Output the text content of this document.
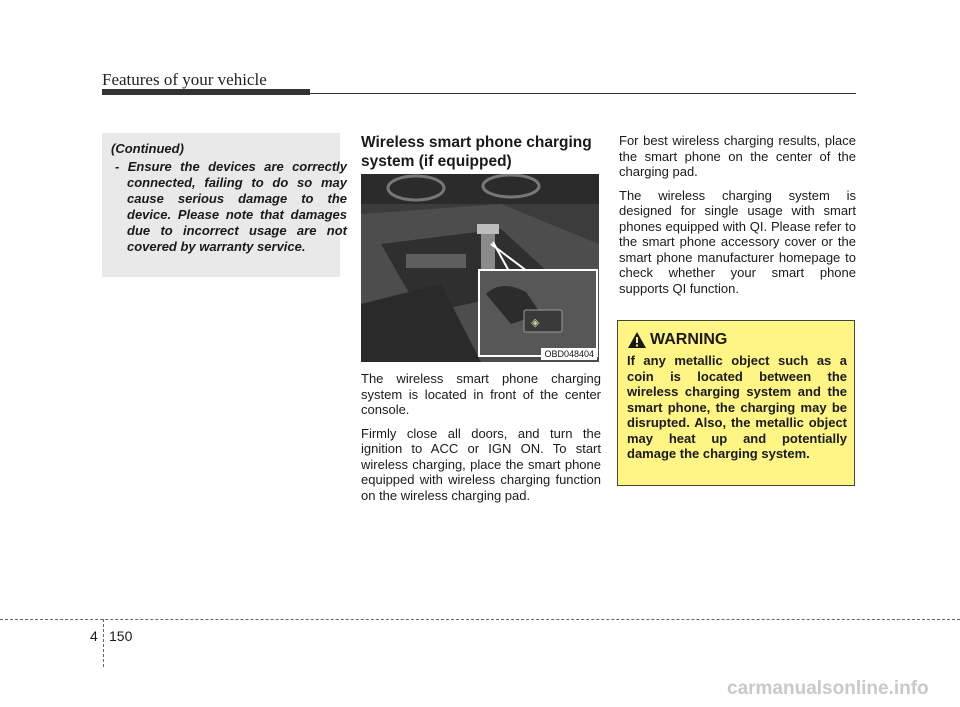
Features of your vehicle
(Continued)
- Ensure the devices are correctly connected, failing to do so may cause serious damage to the device. Please note that damages due to incorrect usage are not covered by warranty service.
Wireless smart phone charging system (if equipped)
◈
OBD048404

The wireless smart phone charging system is located in front of the center console.

Firmly close all doors, and turn the ignition to ACC or IGN ON. To start wireless charging, place the smart phone equipped with wireless charging function on the wireless charging pad.

For best wireless charging results, place the smart phone on the center of the charging pad.

The wireless charging system is designed for single usage with smart phones equipped with QI. Please refer to the smart phone accessory cover or the smart phone manufacturer homepage to check whether your smart phone supports QI function.

WARNING
If any metallic object such as a coin is located between the wireless charging system and the smart phone, the charging may be disrupted. Also, the metallic object may heat up and potentially damage the charging system.
4 150
carmanualsonline.info
